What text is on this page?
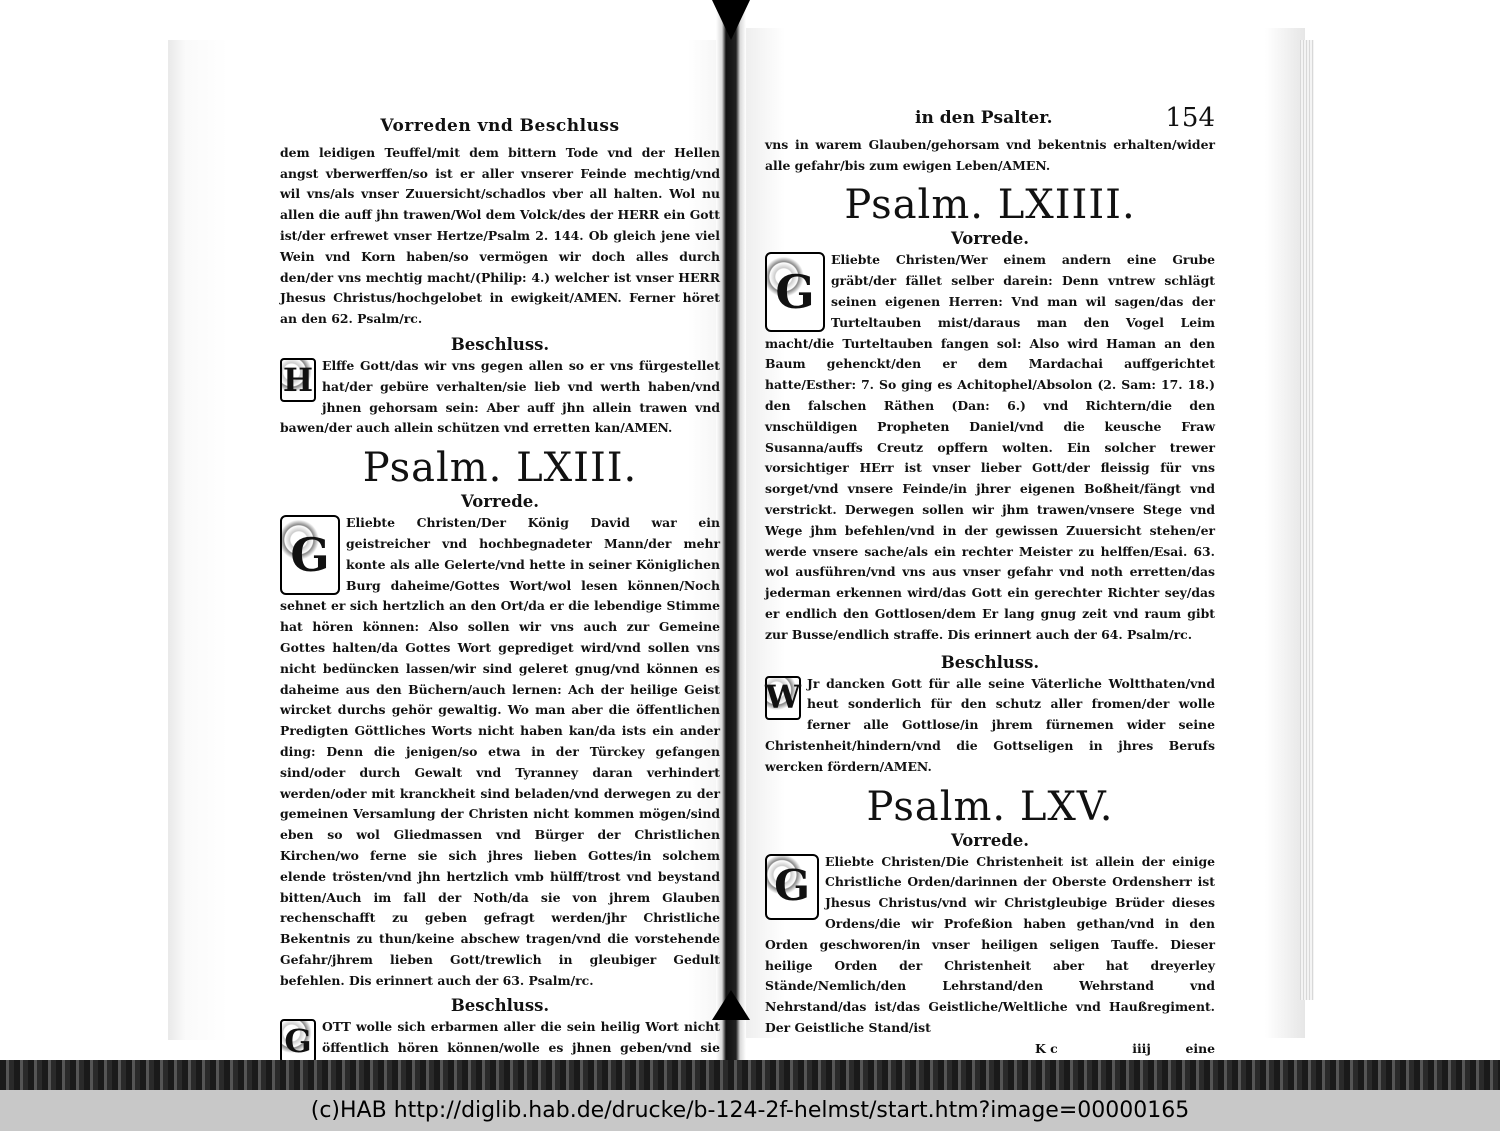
Vorreden vnd Beschluss

dem leidigen Teuffel/mit dem bittern Tode vnd der Hellen angst vberwerffen/so ist er aller vnserer Feinde mechtig/vnd wil vns/als vnser Zuuersicht/schadlos vber all halten. Wol nu allen die auff jhn trawen/Wol dem Volck/des der HERR ein Gott ist/der erfrewet vnser Hertze/Psalm 2. 144. Ob gleich jene viel Wein vnd Korn haben/so vermögen wir doch alles durch den/der vns mechtig macht/(Philip: 4.) welcher ist vnser HERR Jhesus Christus/hochgelobet in ewigkeit/AMEN. Ferner höret an den 62. Psalm/rc.

Beschluss.
H Elffe Gott/das wir vns gegen allen so er vns fürgestellet hat/der gebüre verhalten/sie lieb vnd werth haben/vnd jhnen gehorsam sein: Aber auff jhn allein trawen vnd bawen/der auch allein schützen vnd erretten kan/AMEN.

Psalm. LXIII.
Vorrede.
G

Eliebte Christen/Der König David war ein geistreicher vnd hochbegnadeter Mann/der mehr konte als alle Gelerte/vnd hette in seiner Königlichen Burg daheime/Gottes Wort/wol lesen können/Noch sehnet er sich hertzlich an den Ort/da er die lebendige Stimme hat hören können: Also sollen wir vns auch zur Gemeine Gottes halten/da Gottes Wort geprediget wird/vnd sollen vns nicht bedüncken lassen/wir sind geleret gnug/vnd können es daheime aus den Büchern/auch lernen: Ach der heilige Geist wircket durchs gehör gewaltig. Wo man aber die öffentlichen Predigten Göttliches Worts nicht haben kan/da ists ein ander ding: Denn die jenigen/so etwa in der Türckey gefangen sind/oder durch Gewalt vnd Tyranney daran verhindert werden/oder mit kranckheit sind beladen/vnd derwegen zu der gemeinen Versamlung der Christen nicht kommen mögen/sind eben so wol Gliedmassen vnd Bürger der Christlichen Kirchen/wo ferne sie sich jhres lieben Gottes/in solchem elende trösten/vnd jhn hertzlich vmb hülff/trost vnd beystand bitten/Auch im fall der Noth/da sie von jhrem Glauben rechenschafft zu geben gefragt werden/jhr Christliche Bekentnis zu thun/keine abschew tragen/vnd die vorstehende Gefahr/jhrem lieben Gott/trewlich in gleubiger Gedult befehlen. Dis erinnert auch der 63. Psalm/rc.

Beschluss.
G OTT wolle sich erbarmen aller die sein heilig Wort nicht öffentlich hören können/wolle es jhnen geben/vnd sie

in den Psalter.	154

vns in warem Glauben/gehorsam vnd bekentnis erhalten/wider alle gefahr/bis zum ewigen Leben/AMEN.

Psalm. LXIIII.
Vorrede.
G

Eliebte Christen/Wer einem andern eine Grube gräbt/der fället selber darein: Denn vntrew schlägt seinen eigenen Herren: Vnd man wil sagen/das der Turteltauben mist/daraus man den Vogel Leim macht/die Turteltauben fangen sol: Also wird Haman an den Baum gehenckt/den er dem Mardachai auffgerichtet hatte/Esther: 7. So ging es Achitophel/Absolon (2. Sam: 17. 18.) den falschen Räthen (Dan: 6.) vnd Richtern/die den vnschüldigen Propheten Daniel/vnd die keusche Fraw Susanna/auffs Creutz opffern wolten. Ein solcher trewer vorsichtiger HErr ist vnser lieber Gott/der fleissig für vns sorget/vnd vnsere Feinde/in jhrer eigenen Boßheit/fängt vnd verstrickt. Derwegen sollen wir jhm trawen/vnsere Stege vnd Wege jhm befehlen/vnd in der gewissen Zuuersicht stehen/er werde vnsere sache/als ein rechter Meister zu helffen/Esai. 63. wol ausführen/vnd vns aus vnser gefahr vnd noth erretten/das jederman erkennen wird/das Gott ein gerechter Richter sey/das er endlich den Gottlosen/dem Er lang gnug zeit vnd raum gibt zur Busse/endlich straffe. Dis erinnert auch der 64. Psalm/rc.

Beschluss.
W Jr dancken Gott für alle seine Väterliche Woltthaten/vnd heut sonderlich für den schutz aller fromen/der wolle ferner alle Gottlose/in jhrem fürnemen wider seine Christenheit/hindern/vnd die Gottseligen in jhres Berufs wercken fördern/AMEN.

Psalm. LXV.
Vorrede.
G

Eliebte Christen/Die Christenheit ist allein der einige Christliche Orden/darinnen der Oberste Ordensherr ist Jhesus Christus/vnd wir Christgleubige Brüder dieses Ordens/die wir Profeßion haben gethan/vnd in den Orden geschworen/in vnser heiligen seligen Tauffe. Dieser heilige Orden der Christenheit aber hat dreyerley Stände/Nemlich/den Lehrstand/den Wehrstand vnd Nehrstand/das ist/das Geistliche/Weltliche vnd Haußregiment. Der Geistliche Stand/ist

K c	iiij	eine
(c)HAB http://diglib.hab.de/drucke/b-124-2f-helmst/start.htm?image=00000165
